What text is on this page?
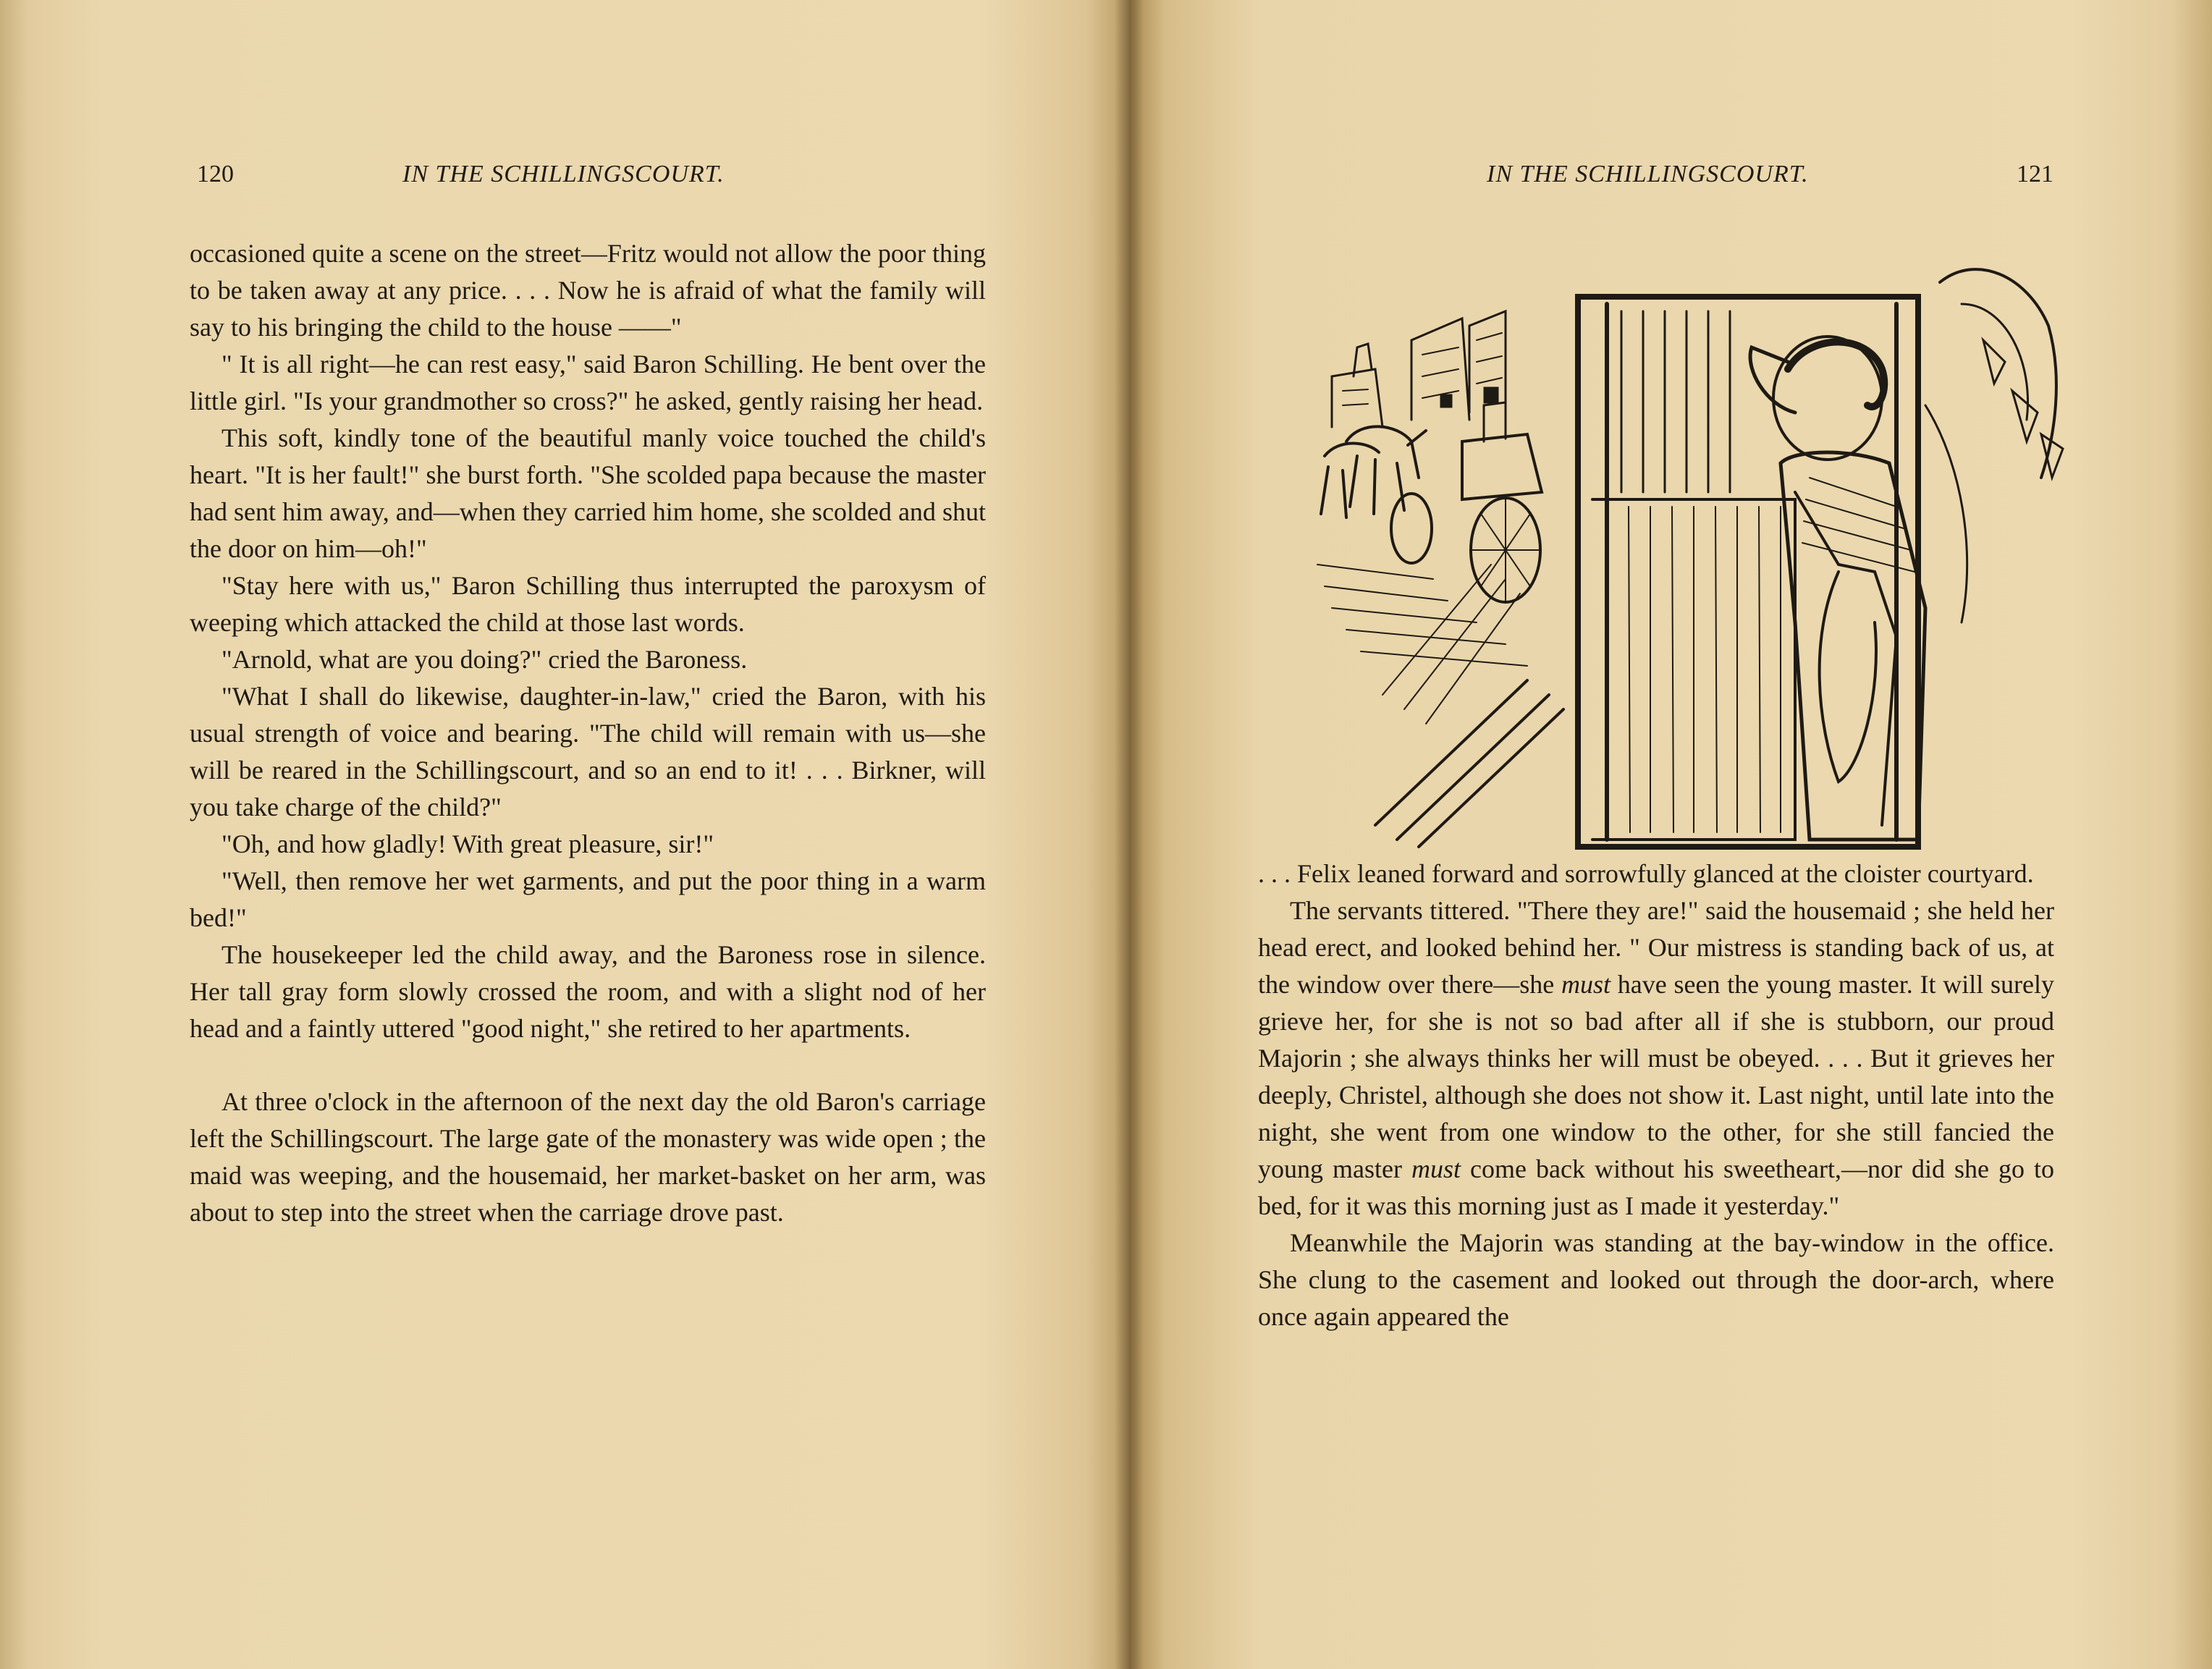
120	IN THE SCHILLINGSCOURT.

occasioned quite a scene on the street—Fritz would not allow the poor thing to be taken away at any price. . . . Now he is afraid of what the family will say to his bringing the child to the house ——"

" It is all right—he can rest easy," said Baron Schilling. He bent over the little girl. "Is your grandmother so cross?" he asked, gently raising her head.

This soft, kindly tone of the beautiful manly voice touched the child's heart. "It is her fault!" she burst forth. "She scolded papa because the master had sent him away, and—when they carried him home, she scolded and shut the door on him—oh!"

"Stay here with us," Baron Schilling thus interrupted the paroxysm of weeping which attacked the child at those last words.

"Arnold, what are you doing?" cried the Baroness.

"What I shall do likewise, daughter-in-law," cried the Baron, with his usual strength of voice and bearing. "The child will remain with us—she will be reared in the Schillingscourt, and so an end to it! . . . Birkner, will you take charge of the child?"

"Oh, and how gladly! With great pleasure, sir!"

"Well, then remove her wet garments, and put the poor thing in a warm bed!"

The housekeeper led the child away, and the Baroness rose in silence. Her tall gray form slowly crossed the room, and with a slight nod of her head and a faintly uttered "good night," she retired to her apartments.

At three o'clock in the afternoon of the next day the old Baron's carriage left the Schillingscourt. The large gate of the monastery was wide open ; the maid was weeping, and the housemaid, her market-basket on her arm, was about to step into the street when the carriage drove past.

IN THE SCHILLINGSCOURT.	121

. . . Felix leaned forward and sorrowfully glanced at the cloister courtyard.

The servants tittered. "There they are!" said the housemaid ; she held her head erect, and looked behind her. " Our mistress is standing back of us, at the window over there—she must have seen the young master. It will surely grieve her, for she is not so bad after all if she is stubborn, our proud Majorin ; she always thinks her will must be obeyed. . . . But it grieves her deeply, Christel, although she does not show it. Last night, until late into the night, she went from one window to the other, for she still fancied the young master must come back without his sweetheart,—nor did she go to bed, for it was this morning just as I made it yesterday."

Meanwhile the Majorin was standing at the bay-window in the office. She clung to the casement and looked out through the door-arch, where once again appeared the
